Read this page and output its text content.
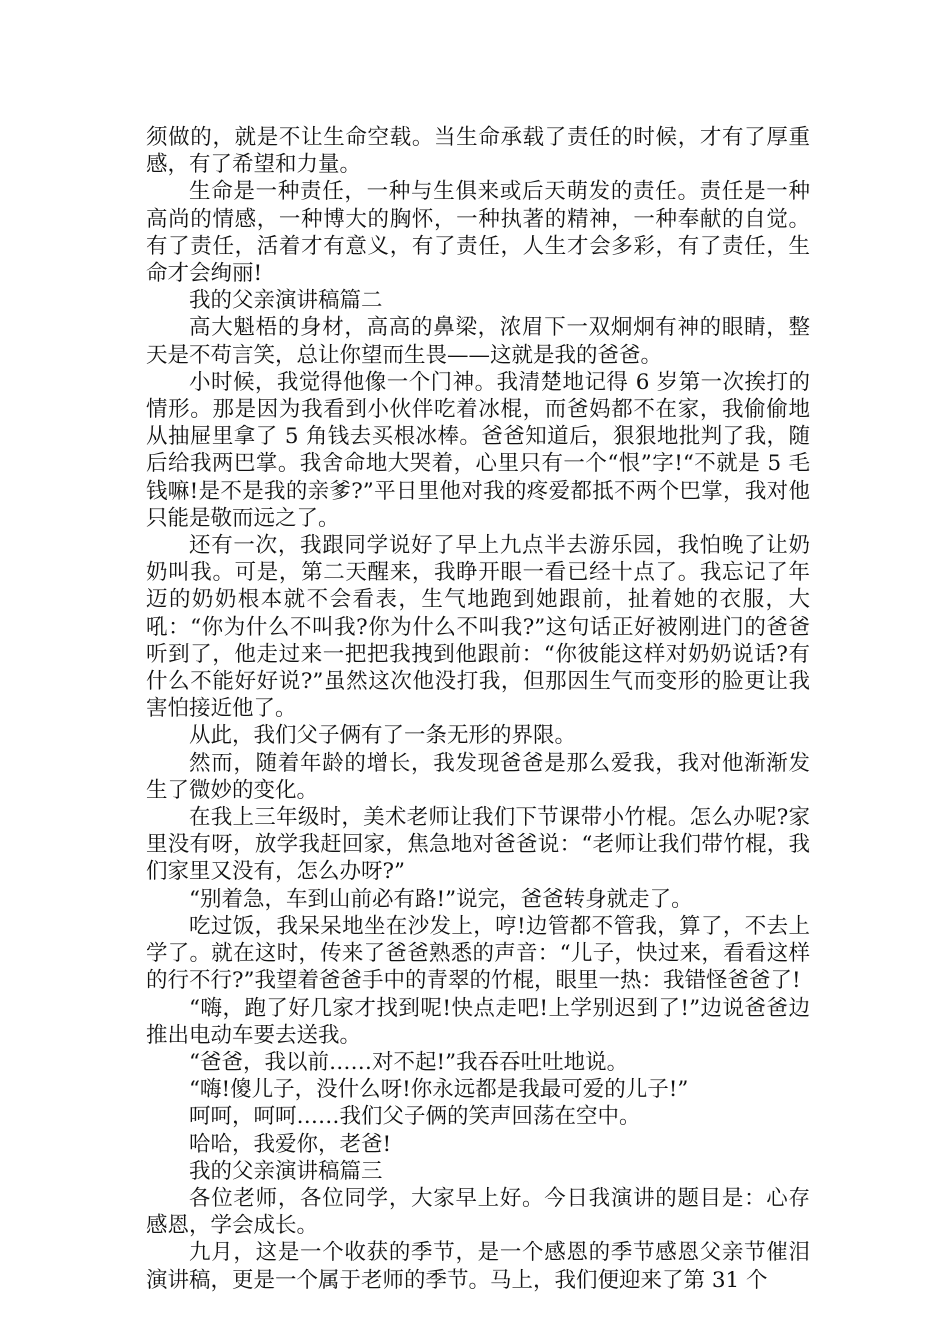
须做的，就是不让生命空载。当生命承载了责任的时候，才有了厚重感，有了希望和力量。

生命是一种责任，一种与生俱来或后天萌发的责任。责任是一种高尚的情感，一种博大的胸怀，一种执著的精神，一种奉献的自觉。有了责任，活着才有意义，有了责任，人生才会多彩，有了责任，生命才会绚丽!

我的父亲演讲稿篇二

高大魁梧的身材，高高的鼻梁，浓眉下一双炯炯有神的眼睛，整天是不苟言笑，总让你望而生畏——这就是我的爸爸。

小时候，我觉得他像一个门神。我清楚地记得 6 岁第一次挨打的情形。那是因为我看到小伙伴吃着冰棍，而爸妈都不在家，我偷偷地从抽屉里拿了 5 角钱去买根冰棒。爸爸知道后，狠狠地批判了我，随后给我两巴掌。我舍命地大哭着，心里只有一个“恨”字!“不就是 5 毛钱嘛!是不是我的亲爹?”平日里他对我的疼爱都抵不两个巴掌，我对他只能是敬而远之了。

还有一次，我跟同学说好了早上九点半去游乐园，我怕晚了让奶奶叫我。可是，第二天醒来，我睁开眼一看已经十点了。我忘记了年迈的奶奶根本就不会看表，生气地跑到她跟前，扯着她的衣服，大吼：“你为什么不叫我?你为什么不叫我?”这句话正好被刚进门的爸爸听到了，他走过来一把把我拽到他跟前：“你彼能这样对奶奶说话?有什么不能好好说?”虽然这次他没打我，但那因生气而变形的脸更让我害怕接近他了。

从此，我们父子俩有了一条无形的界限。

然而，随着年龄的增长，我发现爸爸是那么爱我，我对他渐渐发生了微妙的变化。

在我上三年级时，美术老师让我们下节课带小竹棍。怎么办呢?家里没有呀，放学我赶回家，焦急地对爸爸说：“老师让我们带竹棍，我们家里又没有，怎么办呀?”

“别着急，车到山前必有路!”说完，爸爸转身就走了。

吃过饭，我呆呆地坐在沙发上，哼!边管都不管我，算了，不去上学了。就在这时，传来了爸爸熟悉的声音：“儿子，快过来，看看这样的行不行?”我望着爸爸手中的青翠的竹棍，眼里一热：我错怪爸爸了!

“嗨，跑了好几家才找到呢!快点走吧!上学别迟到了!”边说爸爸边推出电动车要去送我。

“爸爸，我以前……对不起!”我吞吞吐吐地说。

“嗨!傻儿子，没什么呀!你永远都是我最可爱的儿子!”

呵呵，呵呵……我们父子俩的笑声回荡在空中。

哈哈，我爱你，老爸!

我的父亲演讲稿篇三

各位老师，各位同学，大家早上好。今日我演讲的题目是：心存感恩，学会成长。

九月，这是一个收获的季节，是一个感恩的季节感恩父亲节催泪演讲稿，更是一个属于老师的季节。马上，我们便迎来了第 31 个
